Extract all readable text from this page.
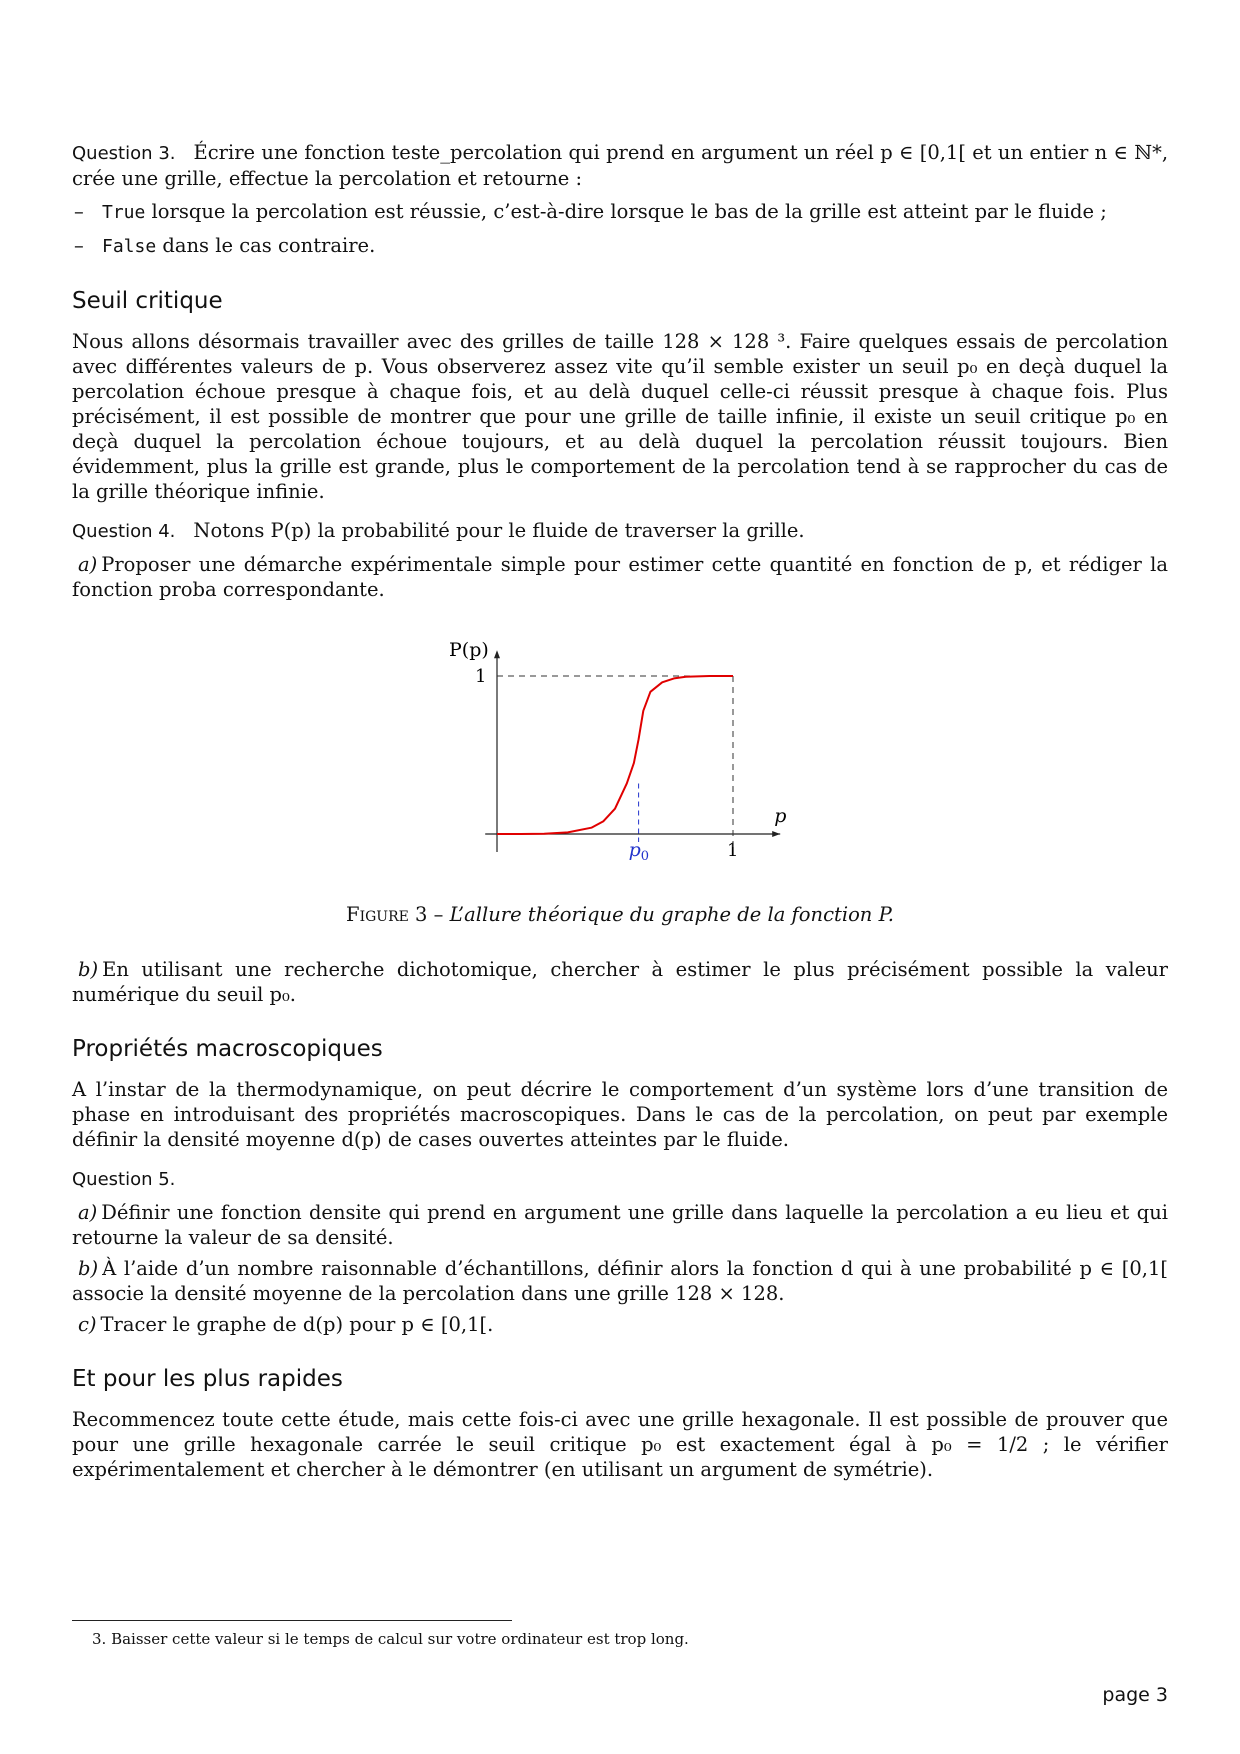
Question 3. Écrire une fonction teste_percolation qui prend en argument un réel p ∈ [0,1[ et un entier n ∈ ℕ*, crée une grille, effectue la percolation et retourne :

– True lorsque la percolation est réussie, c’est-à-dire lorsque le bas de la grille est atteint par le fluide ;
– False dans le cas contraire.
Seuil critique

Nous allons désormais travailler avec des grilles de taille 128 × 128 ³. Faire quelques essais de percolation avec différentes valeurs de p. Vous observerez assez vite qu’il semble exister un seuil p₀ en deçà duquel la percolation échoue presque à chaque fois, et au delà duquel celle-ci réussit presque à chaque fois. Plus précisément, il est possible de montrer que pour une grille de taille infinie, il existe un seuil critique p₀ en deçà duquel la percolation échoue toujours, et au delà duquel la percolation réussit toujours. Bien évidemment, plus la grille est grande, plus le comportement de la percolation tend à se rapprocher du cas de la grille théorique infinie.

Question 4. Notons P(p) la probabilité pour le fluide de traverser la grille.

a) Proposer une démarche expérimentale simple pour estimer cette quantité en fonction de p, et rédiger la fonction proba correspondante.

P(p)
1
p
$p_0$	1

Figure 3 – L’allure théorique du graphe de la fonction P.

b) En utilisant une recherche dichotomique, chercher à estimer le plus précisément possible la valeur numérique du seuil p₀.

Propriétés macroscopiques

A l’instar de la thermodynamique, on peut décrire le comportement d’un système lors d’une transition de phase en introduisant des propriétés macroscopiques. Dans le cas de la percolation, on peut par exemple définir la densité moyenne d(p) de cases ouvertes atteintes par le fluide.

Question 5.

a) Définir une fonction densite qui prend en argument une grille dans laquelle la percolation a eu lieu et qui retourne la valeur de sa densité.

b) À l’aide d’un nombre raisonnable d’échantillons, définir alors la fonction d qui à une probabilité p ∈ [0,1[ associe la densité moyenne de la percolation dans une grille 128 × 128.

c) Tracer le graphe de d(p) pour p ∈ [0,1[.

Et pour les plus rapides

Recommencez toute cette étude, mais cette fois-ci avec une grille hexagonale. Il est possible de prouver que pour une grille hexagonale carrée le seuil critique p₀ est exactement égal à p₀ = 1/2 ; le vérifier expérimentalement et chercher à le démontrer (en utilisant un argument de symétrie).

3. Baisser cette valeur si le temps de calcul sur votre ordinateur est trop long.
page 3
